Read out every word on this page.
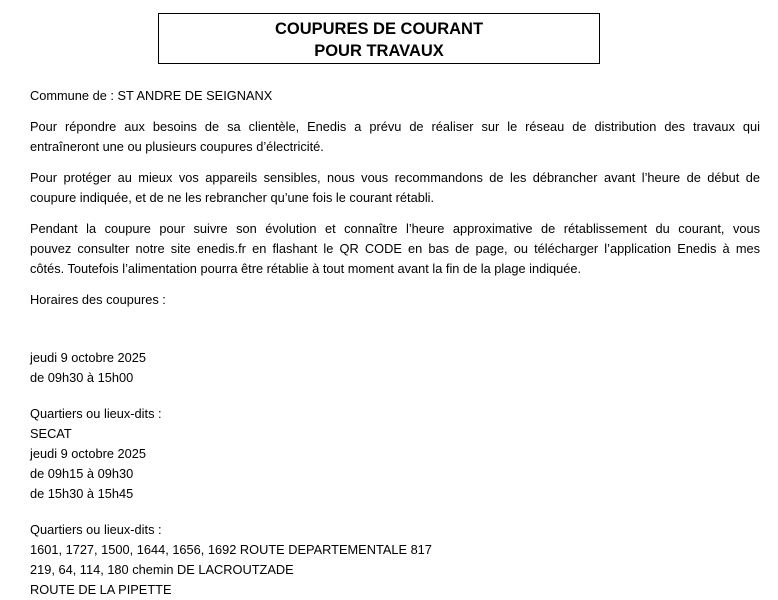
COUPURES DE COURANT
POUR TRAVAUX
Commune de : ST ANDRE DE SEIGNANX
Pour répondre aux besoins de sa clientèle, Enedis a prévu de réaliser sur le réseau de distribution des travaux qui
entraîneront une ou plusieurs coupures d’électricité.
Pour protéger au mieux vos appareils sensibles, nous vous recommandons de les débrancher avant l’heure de début de
coupure indiquée, et de ne les rebrancher qu’une fois le courant rétabli.
Pendant la coupure pour suivre son évolution et connaître l’heure approximative de rétablissement du courant, vous
pouvez consulter notre site enedis.fr en flashant le QR CODE en bas de page, ou télécharger l’application Enedis à mes
côtés. Toutefois l’alimentation pourra être rétablie à tout moment avant la fin de la plage indiquée.
Horaires des coupures :
jeudi 9 octobre 2025
de 09h30 à 15h00
Quartiers ou lieux-dits :
SECAT
jeudi 9 octobre 2025
de 09h15 à 09h30
de 15h30 à 15h45
Quartiers ou lieux-dits :
1601, 1727, 1500, 1644, 1656, 1692 ROUTE DEPARTEMENTALE 817
219, 64, 114, 180 chemin DE LACROUTZADE
ROUTE DE LA PIPETTE
